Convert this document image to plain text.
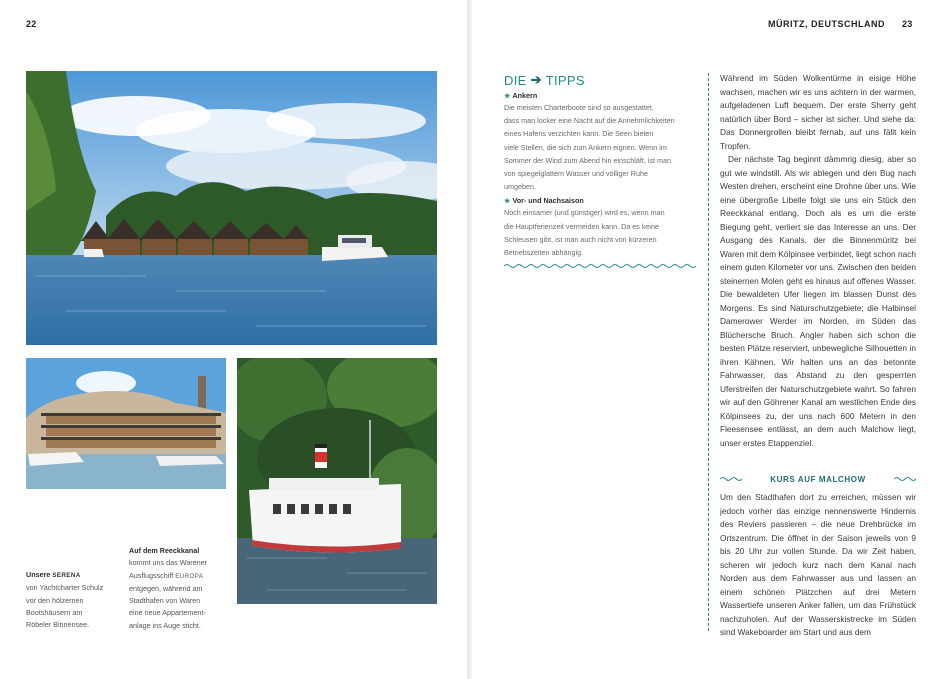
22
Unsere SERENA
von Yachtcharter Schulz
vor den hölzernen
Bootshäusern am
Röbeler Binnensee.
Auf dem Reeckkanal
kommt uns das Warener
Ausflugsschiff EUROPA
entgegen, während am
Stadthafen von Waren
eine neue Appartement-
anlage ins Auge sticht.
MÜRITZ, DEUTSCHLAND 23
DIE ➔ TIPPS
★ Ankern
Die meisten Charterboote sind so ausgestattet,
dass man locker eine Nacht auf die Annehmlichkeiten
eines Hafens verzichten kann. Die Seen bieten
viele Stellen, die sich zum Ankern eignen. Wenn im
Sommer der Wind zum Abend hin einschläft, ist man
von spiegelglattem Wasser und völliger Ruhe
umgeben.
★ Vor- und Nachsaison
Noch einsamer (und günstiger) wird es, wenn man
die Hauptferienzeit vermeiden kann. Da es keine
Schleusen gibt, ist man auch nicht von kürzeren
Betriebszeiten abhängig.

Während im Süden Wolkentürme in eisige Höhe wachsen, machen wir es uns achtern in der warmen, aufgeladenen Luft bequem. Der erste Sherry geht natürlich über Bord – sicher ist sicher. Und siehe da: Das Donnergrollen bleibt fernab, auf uns fällt kein Tropfen.

Der nächste Tag beginnt dämmrig diesig, aber so gut wie windstill. Als wir ablegen und den Bug nach Westen drehen, erscheint eine Drohne über uns. Wie eine übergroße Libelle folgt sie uns ein Stück den Reeckkanal entlang. Doch als es um die erste Biegung geht, verliert sie das Interesse an uns. Der Ausgang des Kanals, der die Binnenmüritz bei Waren mit dem Kölpinsee verbindet, liegt schon nach einem guten Kilometer vor uns. Zwischen den beiden steinernen Molen geht es hinaus auf offenes Wasser. Die bewaldeten Ufer liegen im blassen Dunst des Morgens. Es sind Naturschutzgebiete; die Halbinsel Damerower Werder im Norden, im Süden das Blüchersche Bruch. Angler haben sich schon die besten Plätze reserviert, unbewegliche Silhouetten in ihren Kähnen. Wir halten uns an das betonnte Fahrwasser, das Abstand zu den gesperrten Uferstreifen der Naturschutzgebiete wahrt. So fahren wir auf den Göhrener Kanal am westlichen Ende des Kölpinsees zu, der uns nach 600 Metern in den Fleesensee entlässt, an dem auch Malchow liegt, unser erstes Etappenziel.

KURS AUF MALCHOW

Um den Stadthafen dort zu erreichen, müssen wir jedoch vorher das einzige nennenswerte Hindernis des Reviers passieren – die neue Drehbrücke im Ortszentrum. Die öffnet in der Saison jeweils von 9 bis 20 Uhr zur vollen Stunde. Da wir Zeit haben, scheren wir jedoch kurz nach dem Kanal nach Norden aus dem Fahrwasser aus und lassen an einem schönen Plätzchen auf drei Metern Wassertiefe unseren Anker fallen, um das Frühstück nachzuholen. Auf der Wasserskistrecke im Süden sind Wakeboarder am Start und aus dem
